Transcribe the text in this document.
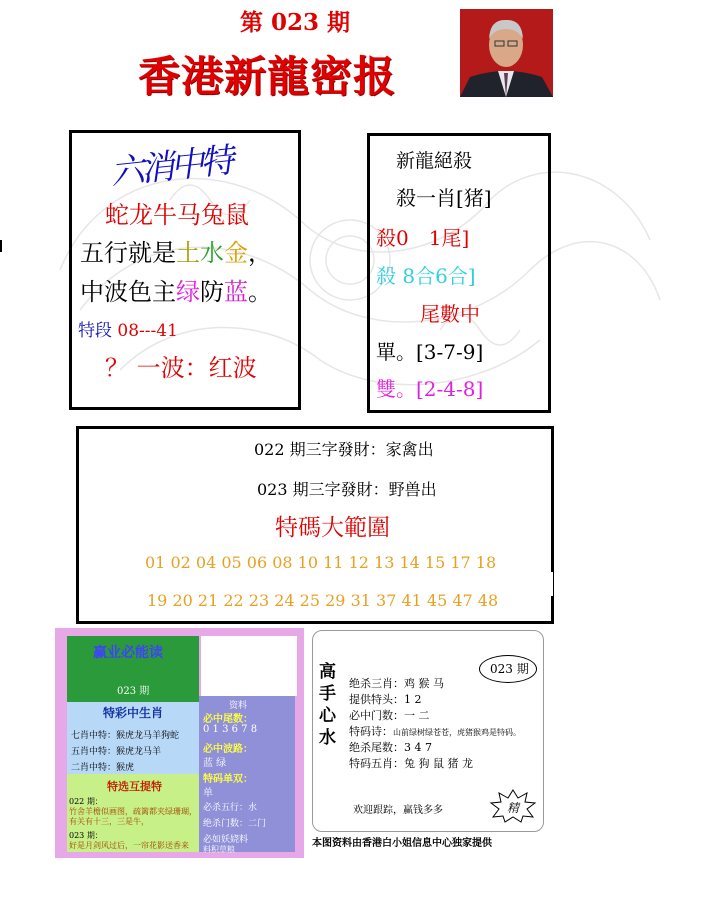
第 023 期
香港新龍密报
六消中特
蛇龙牛马兔鼠
五行就是土水金，
中波色主绿防蓝。
特段 08---41
？ 一波：红波
新龍絕殺
殺一肖[猪]
殺0　1尾]
殺 8合6合]
尾數中
單。[3-7-9]
雙。[2-4-8]
022 期三字發財：家禽出
023 期三字發財：野兽出
特碼大範圍
01 02 04 05 06 08 10 11 12 13 14 15 17 18
19 20 21 22 23 24 25 29 31 37 41 45 47 48
赢业必能读
023 期
特彩中生肖
七肖中特：猴虎龙马羊狗蛇
五肖中特：猴虎龙马羊
二肖中特：猴虎
特选互提特
022 期：
竹舍羊檐似画图，疏篱都夹绿珊瑚，
有关有十三，三是牛，
023 期：
好是月剑风过后，一帘花影送香来
资料
必中尾数：
0 1 3 6 7 8
必中波路：
蓝 绿
特码单双：
单
必杀五行：水
绝杀门数：二门
必如妖娆料
料积草粮
高
手
心
水
023 期
绝杀三肖：鸡 猴 马
提供特头：1 2
必中门数：一 二
特码诗：山前绿树绿苍苍，虎猪猴鸡是特码。
绝杀尾数：3 4 7
特码五肖：兔 狗 鼠 猪 龙
欢迎跟踪，赢钱多多	精
本图资料由香港白小姐信息中心独家提供
